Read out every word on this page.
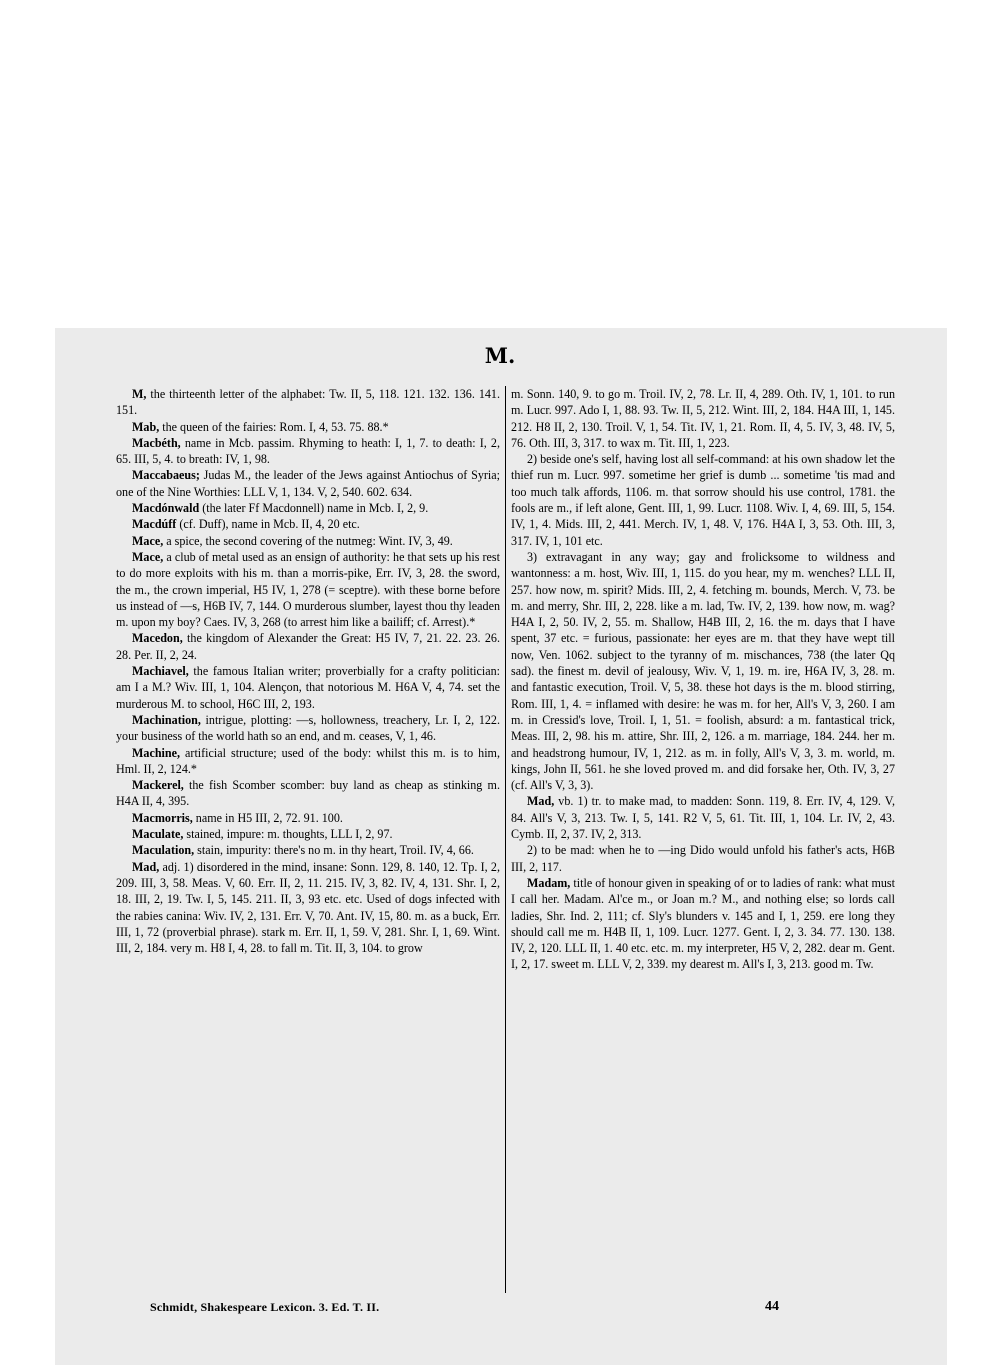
M.

M, the thirteenth letter of the alphabet: Tw. II, 5, 118. 121. 132. 136. 141. 151.

Mab, the queen of the fairies: Rom. I, 4, 53. 75. 88.*

Macbéth, name in Mcb. passim. Rhyming to heath: I, 1, 7. to death: I, 2, 65. III, 5, 4. to breath: IV, 1, 98.

Maccabaeus; Judas M., the leader of the Jews against Antiochus of Syria; one of the Nine Worthies: LLL V, 1, 134. V, 2, 540. 602. 634.

Macdónwald (the later Ff Macdonnell) name in Mcb. I, 2, 9.

Macdúff (cf. Duff), name in Mcb. II, 4, 20 etc.

Mace, a spice, the second covering of the nutmeg: Wint. IV, 3, 49.

Mace, a club of metal used as an ensign of authority: he that sets up his rest to do more exploits with his m. than a morris-pike, Err. IV, 3, 28. the sword, the m., the crown imperial, H5 IV, 1, 278 (= sceptre). with these borne before us instead of —s, H6B IV, 7, 144. O murderous slumber, layest thou thy leaden m. upon my boy? Caes. IV, 3, 268 (to arrest him like a bailiff; cf. Arrest).*

Macedon, the kingdom of Alexander the Great: H5 IV, 7, 21. 22. 23. 26. 28. Per. II, 2, 24.

Machiavel, the famous Italian writer; proverbially for a crafty politician: am I a M.? Wiv. III, 1, 104. Alençon, that notorious M. H6A V, 4, 74. set the murderous M. to school, H6C III, 2, 193.

Machination, intrigue, plotting: —s, hollowness, treachery, Lr. I, 2, 122. your business of the world hath so an end, and m. ceases, V, 1, 46.

Machine, artificial structure; used of the body: whilst this m. is to him, Hml. II, 2, 124.*

Mackerel, the fish Scomber scomber: buy land as cheap as stinking m. H4A II, 4, 395.

Macmorris, name in H5 III, 2, 72. 91. 100.

Maculate, stained, impure: m. thoughts, LLL I, 2, 97.

Maculation, stain, impurity: there's no m. in thy heart, Troil. IV, 4, 66.

Mad, adj. 1) disordered in the mind, insane: Sonn. 129, 8. 140, 12. Tp. I, 2, 209. III, 3, 58. Meas. V, 60. Err. II, 2, 11. 215. IV, 3, 82. IV, 4, 131. Shr. I, 2, 18. III, 2, 19. Tw. I, 5, 145. 211. II, 3, 93 etc. etc. Used of dogs infected with the rabies canina: Wiv. IV, 2, 131. Err. V, 70. Ant. IV, 15, 80. m. as a buck, Err. III, 1, 72 (proverbial phrase). stark m. Err. II, 1, 59. V, 281. Shr. I, 1, 69. Wint. III, 2, 184. very m. H8 I, 4, 28. to fall m. Tit. II, 3, 104. to grow

m. Sonn. 140, 9. to go m. Troil. IV, 2, 78. Lr. II, 4, 289. Oth. IV, 1, 101. to run m. Lucr. 997. Ado I, 1, 88. 93. Tw. II, 5, 212. Wint. III, 2, 184. H4A III, 1, 145. 212. H8 II, 2, 130. Troil. V, 1, 54. Tit. IV, 1, 21. Rom. II, 4, 5. IV, 3, 48. IV, 5, 76. Oth. III, 3, 317. to wax m. Tit. III, 1, 223.

2) beside one's self, having lost all self-command: at his own shadow let the thief run m. Lucr. 997. sometime her grief is dumb ... sometime 'tis mad and too much talk affords, 1106. m. that sorrow should his use control, 1781. the fools are m., if left alone, Gent. III, 1, 99. Lucr. 1108. Wiv. I, 4, 69. III, 5, 154. IV, 1, 4. Mids. III, 2, 441. Merch. IV, 1, 48. V, 176. H4A I, 3, 53. Oth. III, 3, 317. IV, 1, 101 etc.

3) extravagant in any way; gay and frolicksome to wildness and wantonness: a m. host, Wiv. III, 1, 115. do you hear, my m. wenches? LLL II, 257. how now, m. spirit? Mids. III, 2, 4. fetching m. bounds, Merch. V, 73. be m. and merry, Shr. III, 2, 228. like a m. lad, Tw. IV, 2, 139. how now, m. wag? H4A I, 2, 50. IV, 2, 55. m. Shallow, H4B III, 2, 16. the m. days that I have spent, 37 etc. = furious, passionate: her eyes are m. that they have wept till now, Ven. 1062. subject to the tyranny of m. mischances, 738 (the later Qq sad). the finest m. devil of jealousy, Wiv. V, 1, 19. m. ire, H6A IV, 3, 28. m. and fantastic execution, Troil. V, 5, 38. these hot days is the m. blood stirring, Rom. III, 1, 4. = inflamed with desire: he was m. for her, All's V, 3, 260. I am m. in Cressid's love, Troil. I, 1, 51. = foolish, absurd: a m. fantastical trick, Meas. III, 2, 98. his m. attire, Shr. III, 2, 126. a m. marriage, 184. 244. her m. and headstrong humour, IV, 1, 212. as m. in folly, All's V, 3, 3. m. world, m. kings, John II, 561. he she loved proved m. and did forsake her, Oth. IV, 3, 27 (cf. All's V, 3, 3).

Mad, vb. 1) tr. to make mad, to madden: Sonn. 119, 8. Err. IV, 4, 129. V, 84. All's V, 3, 213. Tw. I, 5, 141. R2 V, 5, 61. Tit. III, 1, 104. Lr. IV, 2, 43. Cymb. II, 2, 37. IV, 2, 313.

2) to be mad: when he to —ing Dido would unfold his father's acts, H6B III, 2, 117.

Madam, title of honour given in speaking of or to ladies of rank: what must I call her. Madam. Al'ce m., or Joan m.? M., and nothing else; so lords call ladies, Shr. Ind. 2, 111; cf. Sly's blunders v. 145 and I, 1, 259. ere long they should call me m. H4B II, 1, 109. Lucr. 1277. Gent. I, 2, 3. 34. 77. 130. 138. IV, 2, 120. LLL II, 1. 40 etc. etc. m. my interpreter, H5 V, 2, 282. dear m. Gent. I, 2, 17. sweet m. LLL V, 2, 339. my dearest m. All's I, 3, 213. good m. Tw.

Schmidt, Shakespeare Lexicon. 3. Ed. T. II.	44
